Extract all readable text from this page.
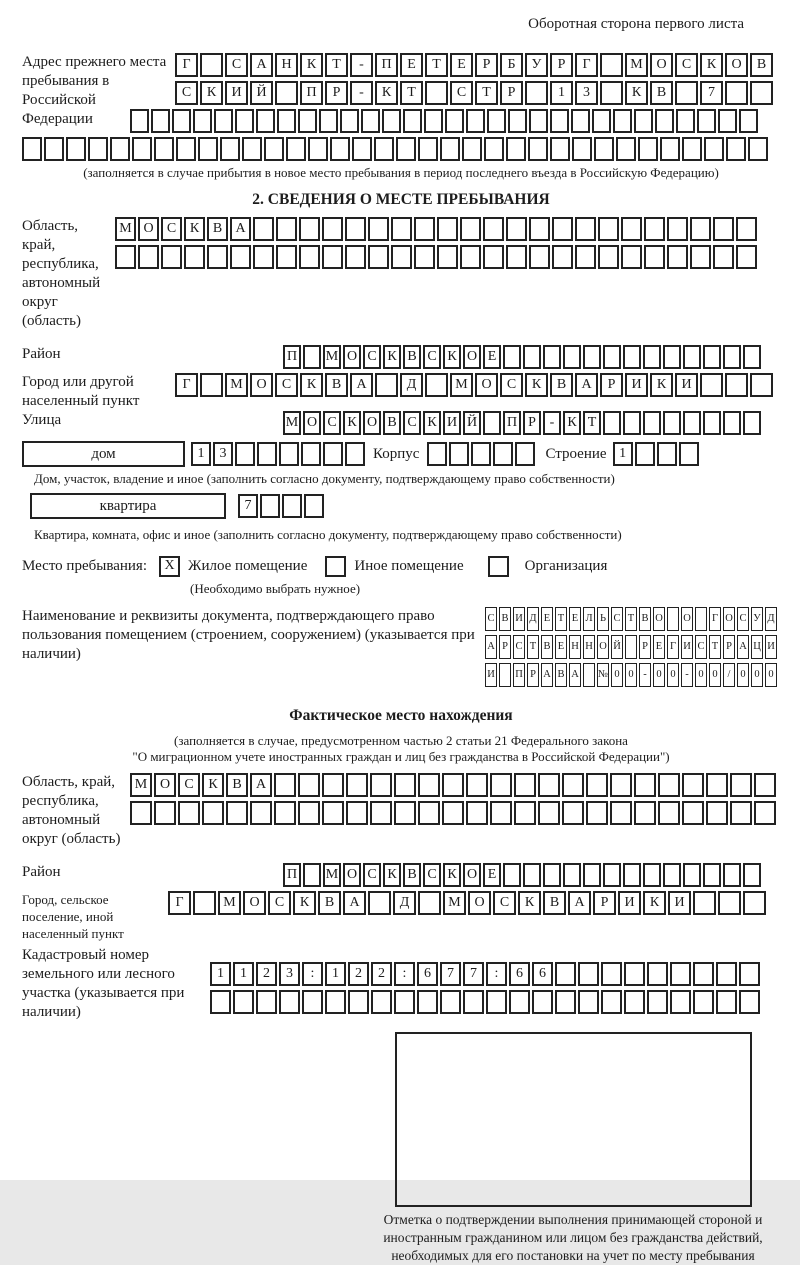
Оборотная сторона первого листа
Адрес прежнего места пребывания в Российской Федерации
Г	С	А	Н	К	Т	-	П	Е	Т	Е	Р	Б	У	Р	Г	М О	С	К	О	В
С	К	И	Й	П	Р	-	К	Т	С	Т	Р	1	3	К	В	7
(заполняется в случае прибытия в новое место пребывания в период последнего въезда в Российскую Федерацию)
2. СВЕДЕНИЯ О МЕСТЕ ПРЕБЫВАНИЯ
Область, край, республика, автономный округ (область)
М О С К В А
Район	П М О С К В С К О Е
Город или другой населенный пункт
Г	М О	С	К	В	А	Д	М О	С	К	В	А	Р	И	К	И
Улица	М О С К О В С К И Й П Р - К Т
дом	1	3	Корпус	Строение 1
Дом, участок, владение и иное (заполнить согласно документу, подтверждающему право собственности)
квартира	7
Квартира, комната, офис и иное (заполнить согласно документу, подтверждающему право собственности)
Место пребывания: X Жилое помещение	Иное помещение	Организация
(Необходимо выбрать нужное)
Наименование и реквизиты документа, подтверждающего право пользования помещением (строением, сооружением) (указывается при наличии)
С В И Д Е Т Е Л Ь С Т В О О Г О С У Д
А Р С Т В Е Н Н О Й Р Е Г И С Т Р А Ц И
И П Р А В А № 0 0 - 0 0 - 0 0 / 0 0 0
Фактическое место нахождения
(заполняется в случае, предусмотренном частью 2 статьи 21 Федерального закона
"О миграционном учете иностранных граждан и лиц без гражданства в Российской Федерации")
Область, край, республика, автономный округ (область)
М О	С	К	В	А
Район	П М О С К В С К О Е
Город, сельское поселение, иной населенный пункт
Г	М О	С	К	В	А	Д	М О	С	К	В	А	Р	И	К	И
Кадастровый номер земельного или лесного участка (указывается при наличии)
1	1	2	3	:	1	2	2	:	6	7	7	:	6	6
Отметка о подтверждении выполнения принимающей стороной и иностранным гражданином или лицом без гражданства действий, необходимых для его постановки на учет по месту пребывания
